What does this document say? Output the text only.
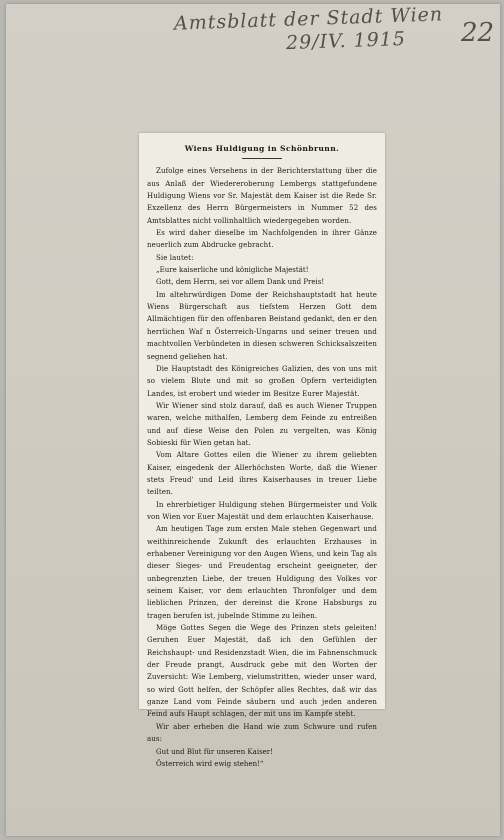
Amtsblatt der Stadt Wien
29/IV. 1915 22
Wiens Huldigung in Schönbrunn.

Zufolge eines Versehens in der Berichterstattung über die aus Anlaß der Wiedereroberung Lembergs stattgefundene Huldigung Wiens vor Sr. Majestät dem Kaiser ist die Rede Sr. Exzellenz des Herrn Bürgermeisters in Nummer 52 des Amtsblattes nicht vollinhaltlich wiedergegeben worden.

Es wird daher dieselbe im Nachfolgenden in ihrer Gänze neuerlich zum Abdrucke gebracht.

Sie lautet:

„Eure kaiserliche und königliche Majestät!

Gott, dem Herrn, sei vor allem Dank und Preis!

Im altehrwürdigen Dome der Reichshauptstadt hat heute Wiens Bürgerschaft aus tiefstem Herzen Gott dem Allmächtigen für den offenbaren Beistand gedankt, den er den herrlichen Waf n Österreich-Ungarns und seiner treuen und machtvollen Verbündeten in diesen schweren Schicksalszeiten segnend geliehen hat.

Die Hauptstadt des Königreiches Galizien, des von uns mit so vielem Blute und mit so großen Opfern verteidigten Landes, ist erobert und wieder im Besitze Eurer Majestät.

Wir Wiener sind stolz darauf, daß es auch Wiener Truppen waren, welche mithalfen, Lemberg dem Feinde zu entreißen und auf diese Weise den Polen zu vergelten, was König Sobieski für Wien getan hat.

Vom Altare Gottes eilen die Wiener zu ihrem geliebten Kaiser, eingedenk der Allerhöchsten Worte, daß die Wiener stets Freud' und Leid ihres Kaiserhauses in treuer Liebe teilten.

In ehrerbietiger Huldigung stehen Bürgermeister und Volk von Wien vor Euer Majestät und dem erlauchten Kaiserhause.

Am heutigen Tage zum ersten Male stehen Gegenwart und weithinreichende Zukunft des erlauchten Erzhauses in erhabener Vereinigung vor den Augen Wiens, und kein Tag als dieser Sieges- und Freudentag erscheint geeigneter, der unbegrenzten Liebe, der treuen Huldigung des Volkes vor seinem Kaiser, vor dem erlauchten Thronfolger und dem lieblichen Prinzen, der dereinst die Krone Habsburgs zu tragen berufen ist, jubelnde Stimme zu leihen.

Möge Gottes Segen die Wege des Prinzen stets geleiten! Geruhen Euer Majestät, daß ich den Gefühlen der Reichshaupt- und Residenzstadt Wien, die im Fahnenschmuck der Freude prangt, Ausdruck gebe mit den Worten der Zuversicht: Wie Lemberg, vielumstritten, wieder unser ward, so wird Gott helfen, der Schöpfer alles Rechtes, daß wir das ganze Land vom Feinde säubern und auch jeden anderen Feind aufs Haupt schlagen, der mit uns im Kampfe steht.

Wir aber erheben die Hand wie zum Schwure und rufen aus:

Gut und Blut für unseren Kaiser!

Österreich wird ewig stehen!“
